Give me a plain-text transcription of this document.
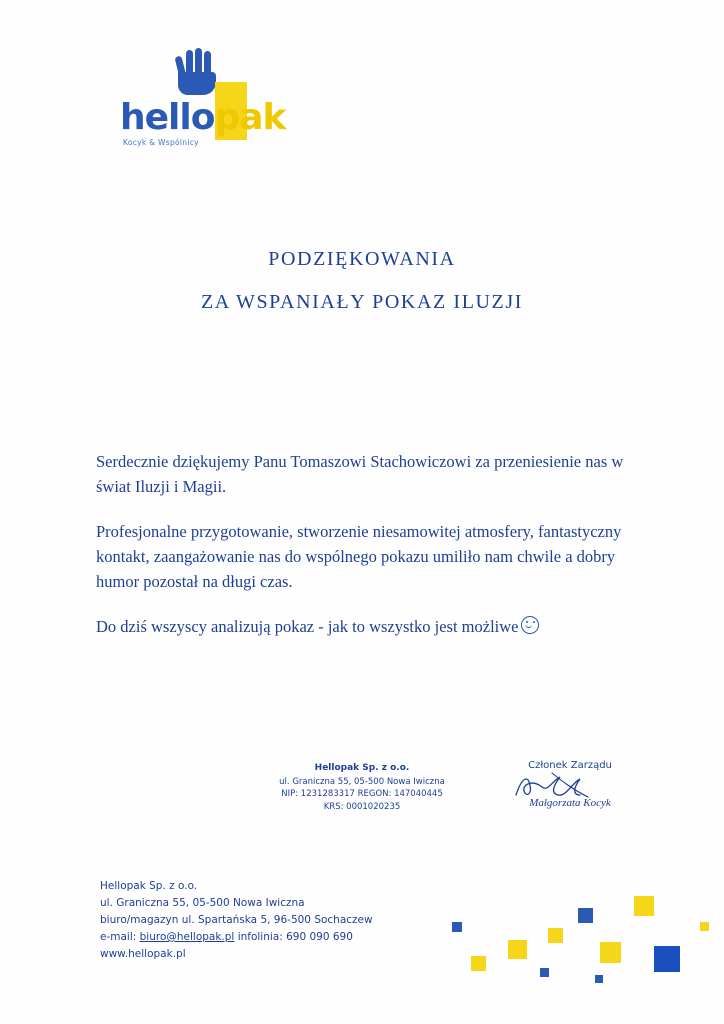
hellopak
Kocyk & Wspólnicy
PODZIĘKOWANIA
ZA WSPANIAŁY POKAZ ILUZJI

Serdecznie dziękujemy Panu Tomaszowi Stachowiczowi za przeniesienie nas w świat Iluzji i Magii.

Profesjonalne przygotowanie, stworzenie niesamowitej atmosfery, fantastyczny kontakt, zaangażowanie nas do wspólnego pokazu umiliło nam chwile a dobry humor pozostał na długi czas.

Do dziś wszyscy analizują pokaz - jak to wszystko jest możliwe

Hellopak Sp. z o.o.
ul. Graniczna 55, 05-500 Nowa Iwiczna
NIP: 1231283317 REGON: 147040445
KRS: 0001020235
Członek Zarządu
Małgorzata Kocyk
Hellopak Sp. z o.o.
ul. Graniczna 55, 05-500 Nowa Iwiczna
biuro/magazyn ul. Spartańska 5, 96-500 Sochaczew
e-mail: biuro@hellopak.pl infolinia: 690 090 690
www.hellopak.pl
